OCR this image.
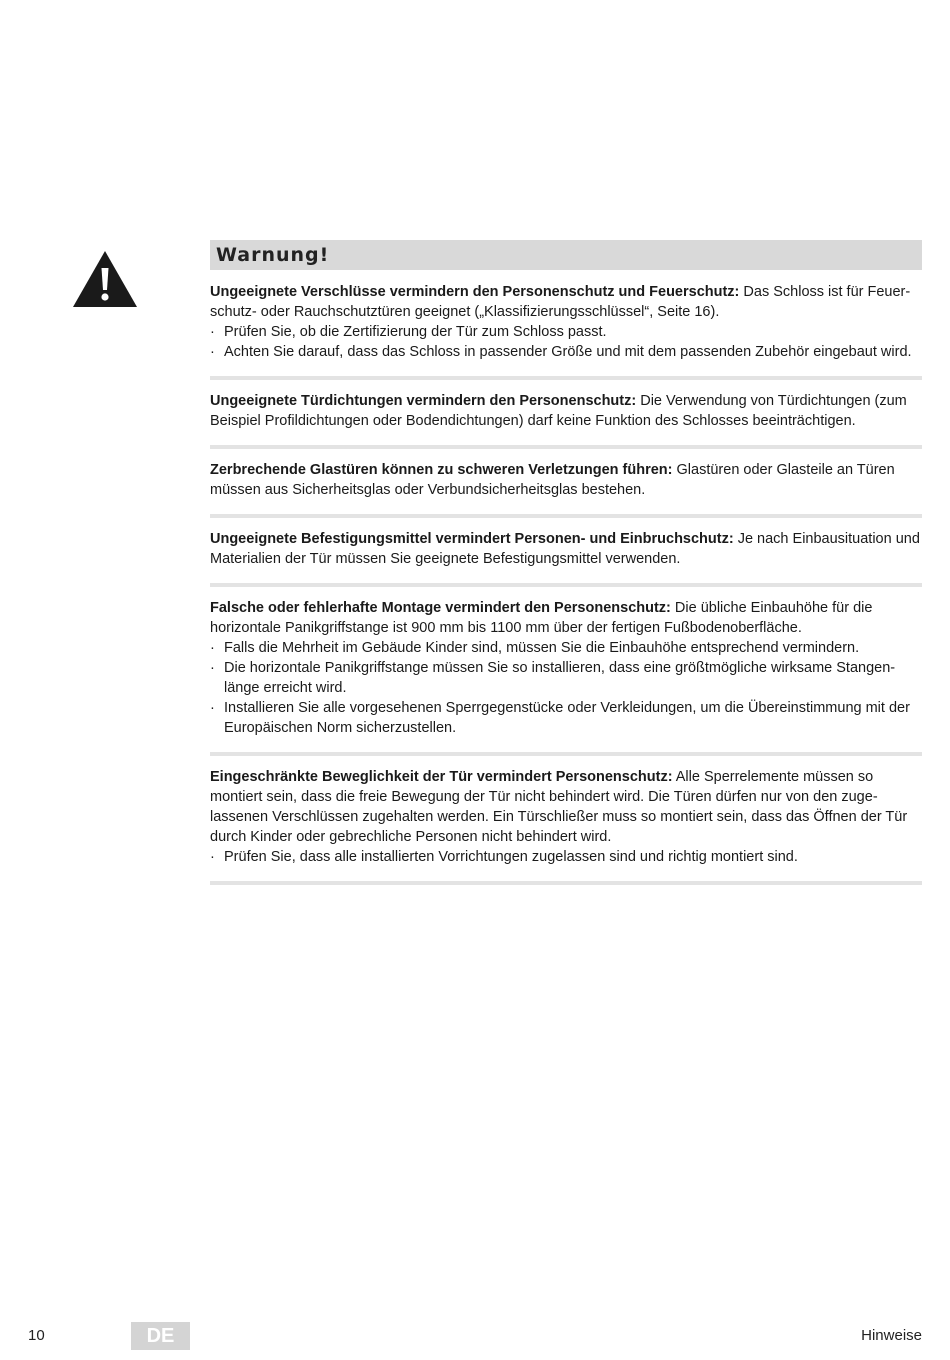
Warnung!

Ungeeignete Verschlüsse vermindern den Personenschutz und Feuerschutz: Das Schloss ist für Feuer-schutz- oder Rauchschutztüren geeignet („Klassifizierungsschlüssel“, Seite 16).

· Prüfen Sie, ob die Zertifizierung der Tür zum Schloss passt.
· Achten Sie darauf, dass das Schloss in passender Größe und mit dem passenden Zubehör eingebaut wird.

Ungeeignete Türdichtungen vermindern den Personenschutz: Die Verwendung von Türdichtungen (zum Beispiel Profildichtungen oder Bodendichtungen) darf keine Funktion des Schlosses beeinträchtigen.

Zerbrechende Glastüren können zu schweren Verletzungen führen: Glastüren oder Glasteile an Türen müssen aus Sicherheitsglas oder Verbundsicherheitsglas bestehen.

Ungeeignete Befestigungsmittel vermindert Personen- und Einbruchschutz: Je nach Einbausituation und Materialien der Tür müssen Sie geeignete Befestigungsmittel verwenden.

Falsche oder fehlerhafte Montage vermindert den Personenschutz: Die übliche Einbauhöhe für die horizontale Panikgriffstange ist 900 mm bis 1100 mm über der fertigen Fußbodenoberfläche.

· Falls die Mehrheit im Gebäude Kinder sind, müssen Sie die Einbauhöhe entsprechend vermindern.
· Die horizontale Panikgriffstange müssen Sie so installieren, dass eine größtmögliche wirksame Stangen-länge erreicht wird.
· Installieren Sie alle vorgesehenen Sperrgegenstücke oder Verkleidungen, um die Übereinstimmung mit der Europäischen Norm sicherzustellen.

Eingeschränkte Beweglichkeit der Tür vermindert Personenschutz: Alle Sperrelemente müssen so montiert sein, dass die freie Bewegung der Tür nicht behindert wird. Die Türen dürfen nur von den zuge-lassenen Verschlüssen zugehalten werden. Ein Türschließer muss so montiert sein, dass das Öffnen der Tür durch Kinder oder gebrechliche Personen nicht behindert wird.

· Prüfen Sie, dass alle installierten Vorrichtungen zugelassen sind und richtig montiert sind.
10	DE	Hinweise
